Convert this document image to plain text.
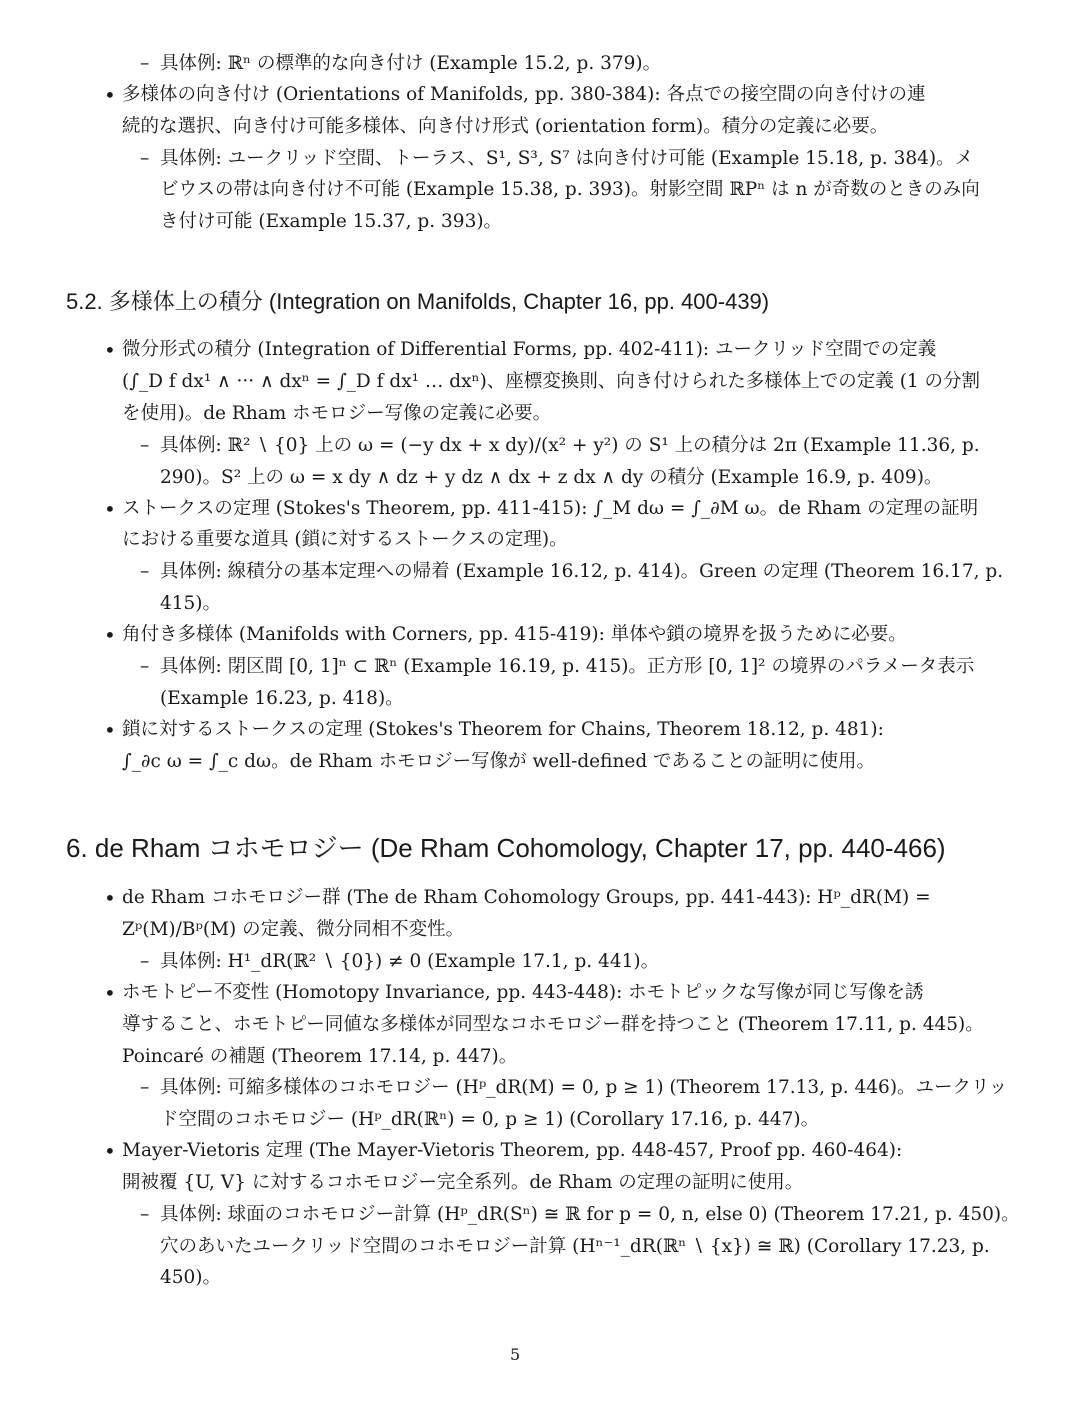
– 具体例: ℝⁿ の標準的な向き付け (Example 15.2, p. 379)。
• 多様体の向き付け (Orientations of Manifolds, pp. 380-384): 各点での接空間の向き付けの連
続的な選択、向き付け可能多様体、向き付け形式 (orientation form)。積分の定義に必要。
– 具体例: ユークリッド空間、トーラス、S¹, S³, S⁷ は向き付け可能 (Example 15.18, p. 384)。メ
ビウスの帯は向き付け不可能 (Example 15.38, p. 393)。射影空間 ℝPⁿ は n が奇数のときのみ向
き付け可能 (Example 15.37, p. 393)。
5.2. 多様体上の積分 (Integration on Manifolds, Chapter 16, pp. 400-439)
• 微分形式の積分 (Integration of Differential Forms, pp. 402-411): ユークリッド空間での定義
(∫_D f dx¹ ∧ ··· ∧ dxⁿ = ∫_D f dx¹ … dxⁿ)、座標変換則、向き付けられた多様体上での定義 (1 の分割
を使用)。de Rham ホモロジー写像の定義に必要。
– 具体例: ℝ² ∖ {0} 上の ω = (−y dx + x dy)/(x² + y²) の S¹ 上の積分は 2π (Example 11.36, p.
290)。S² 上の ω = x dy ∧ dz + y dz ∧ dx + z dx ∧ dy の積分 (Example 16.9, p. 409)。
• ストークスの定理 (Stokes's Theorem, pp. 411-415): ∫_M dω = ∫_∂M ω。de Rham の定理の証明
における重要な道具 (鎖に対するストークスの定理)。
– 具体例: 線積分の基本定理への帰着 (Example 16.12, p. 414)。Green の定理 (Theorem 16.17, p.
415)。
• 角付き多様体 (Manifolds with Corners, pp. 415-419): 単体や鎖の境界を扱うために必要。
– 具体例: 閉区間 [0, 1]ⁿ ⊂ ℝⁿ (Example 16.19, p. 415)。正方形 [0, 1]² の境界のパラメータ表示
(Example 16.23, p. 418)。
• 鎖に対するストークスの定理 (Stokes's Theorem for Chains, Theorem 18.12, p. 481):
∫_∂c ω = ∫_c dω。de Rham ホモロジー写像が well-defined であることの証明に使用。
6. de Rham コホモロジー (De Rham Cohomology, Chapter 17, pp. 440-466)
• de Rham コホモロジー群 (The de Rham Cohomology Groups, pp. 441-443): Hᵖ_dR(M) =
Zᵖ(M)/Bᵖ(M) の定義、微分同相不変性。
– 具体例: H¹_dR(ℝ² ∖ {0}) ≠ 0 (Example 17.1, p. 441)。
• ホモトピー不変性 (Homotopy Invariance, pp. 443-448): ホモトピックな写像が同じ写像を誘
導すること、ホモトピー同値な多様体が同型なコホモロジー群を持つこと (Theorem 17.11, p. 445)。
Poincaré の補題 (Theorem 17.14, p. 447)。
– 具体例: 可縮多様体のコホモロジー (Hᵖ_dR(M) = 0, p ≥ 1) (Theorem 17.13, p. 446)。ユークリッ
ド空間のコホモロジー (Hᵖ_dR(ℝⁿ) = 0, p ≥ 1) (Corollary 17.16, p. 447)。
• Mayer-Vietoris 定理 (The Mayer-Vietoris Theorem, pp. 448-457, Proof pp. 460-464):
開被覆 {U, V} に対するコホモロジー完全系列。de Rham の定理の証明に使用。
– 具体例: 球面のコホモロジー計算 (Hᵖ_dR(Sⁿ) ≅ ℝ for p = 0, n, else 0) (Theorem 17.21, p. 450)。
穴のあいたユークリッド空間のコホモロジー計算 (Hⁿ⁻¹_dR(ℝⁿ ∖ {x}) ≅ ℝ) (Corollary 17.23, p.
450)。
5
